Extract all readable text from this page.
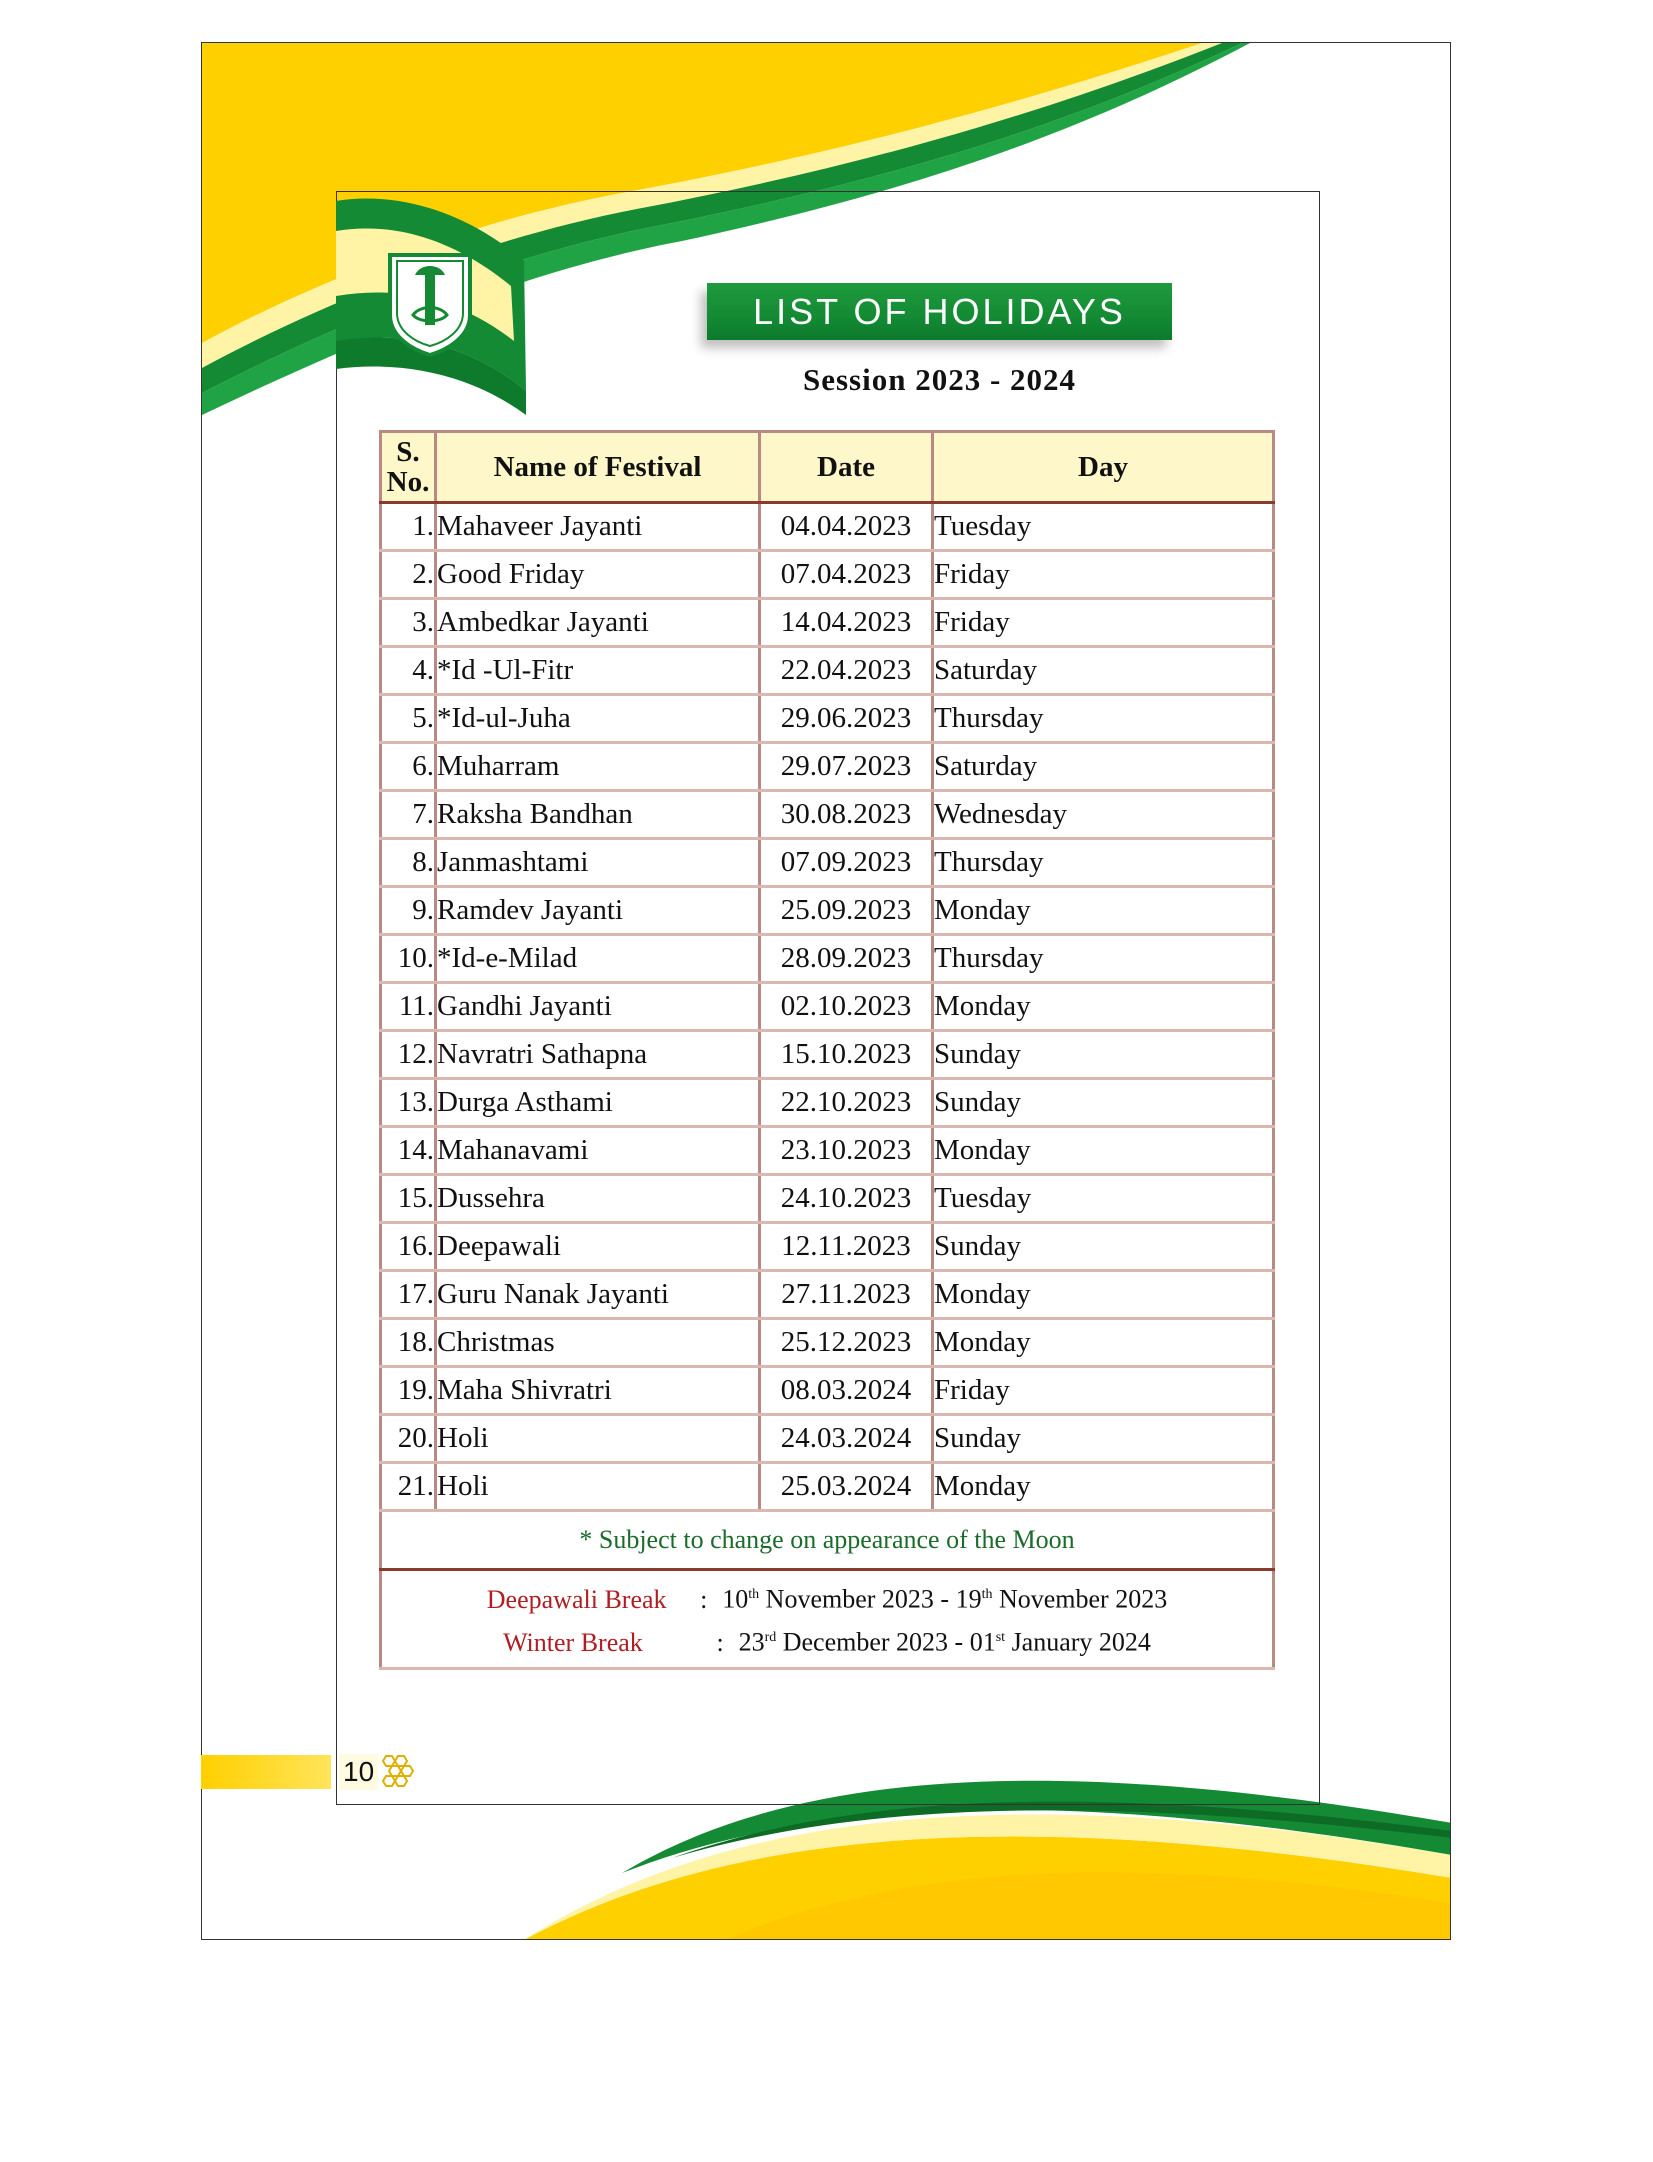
LIST OF HOLIDAYS
Session 2023 - 2024
S.
No.	Name of Festival	Date	Day
1.	Mahaveer Jayanti	04.04.2023	Tuesday
2.	Good Friday	07.04.2023	Friday
3.	Ambedkar Jayanti	14.04.2023	Friday
4.	*Id -Ul-Fitr	22.04.2023	Saturday
5.	*Id-ul-Juha	29.06.2023	Thursday
6.	Muharram	29.07.2023	Saturday
7.	Raksha Bandhan	30.08.2023	Wednesday
8.	Janmashtami	07.09.2023	Thursday
9.	Ramdev Jayanti	25.09.2023	Monday
10.	*Id-e-Milad	28.09.2023	Thursday
11.	Gandhi Jayanti	02.10.2023	Monday
12.	Navratri Sathapna	15.10.2023	Sunday
13.	Durga Asthami	22.10.2023	Sunday
14.	Mahanavami	23.10.2023	Monday
15.	Dussehra	24.10.2023	Tuesday
16.	Deepawali	12.11.2023	Sunday
17.	Guru Nanak Jayanti	27.11.2023	Monday
18.	Christmas	25.12.2023	Monday
19.	Maha Shivratri	08.03.2024	Friday
20.	Holi	24.03.2024	Sunday
21.	Holi	25.03.2024	Monday
* Subject to change on appearance of the Moon			

Deepawali Break : 10th November 2023 - 19th November 2023
Winter Break : 23rd December 2023 - 01st January 2024			
10
